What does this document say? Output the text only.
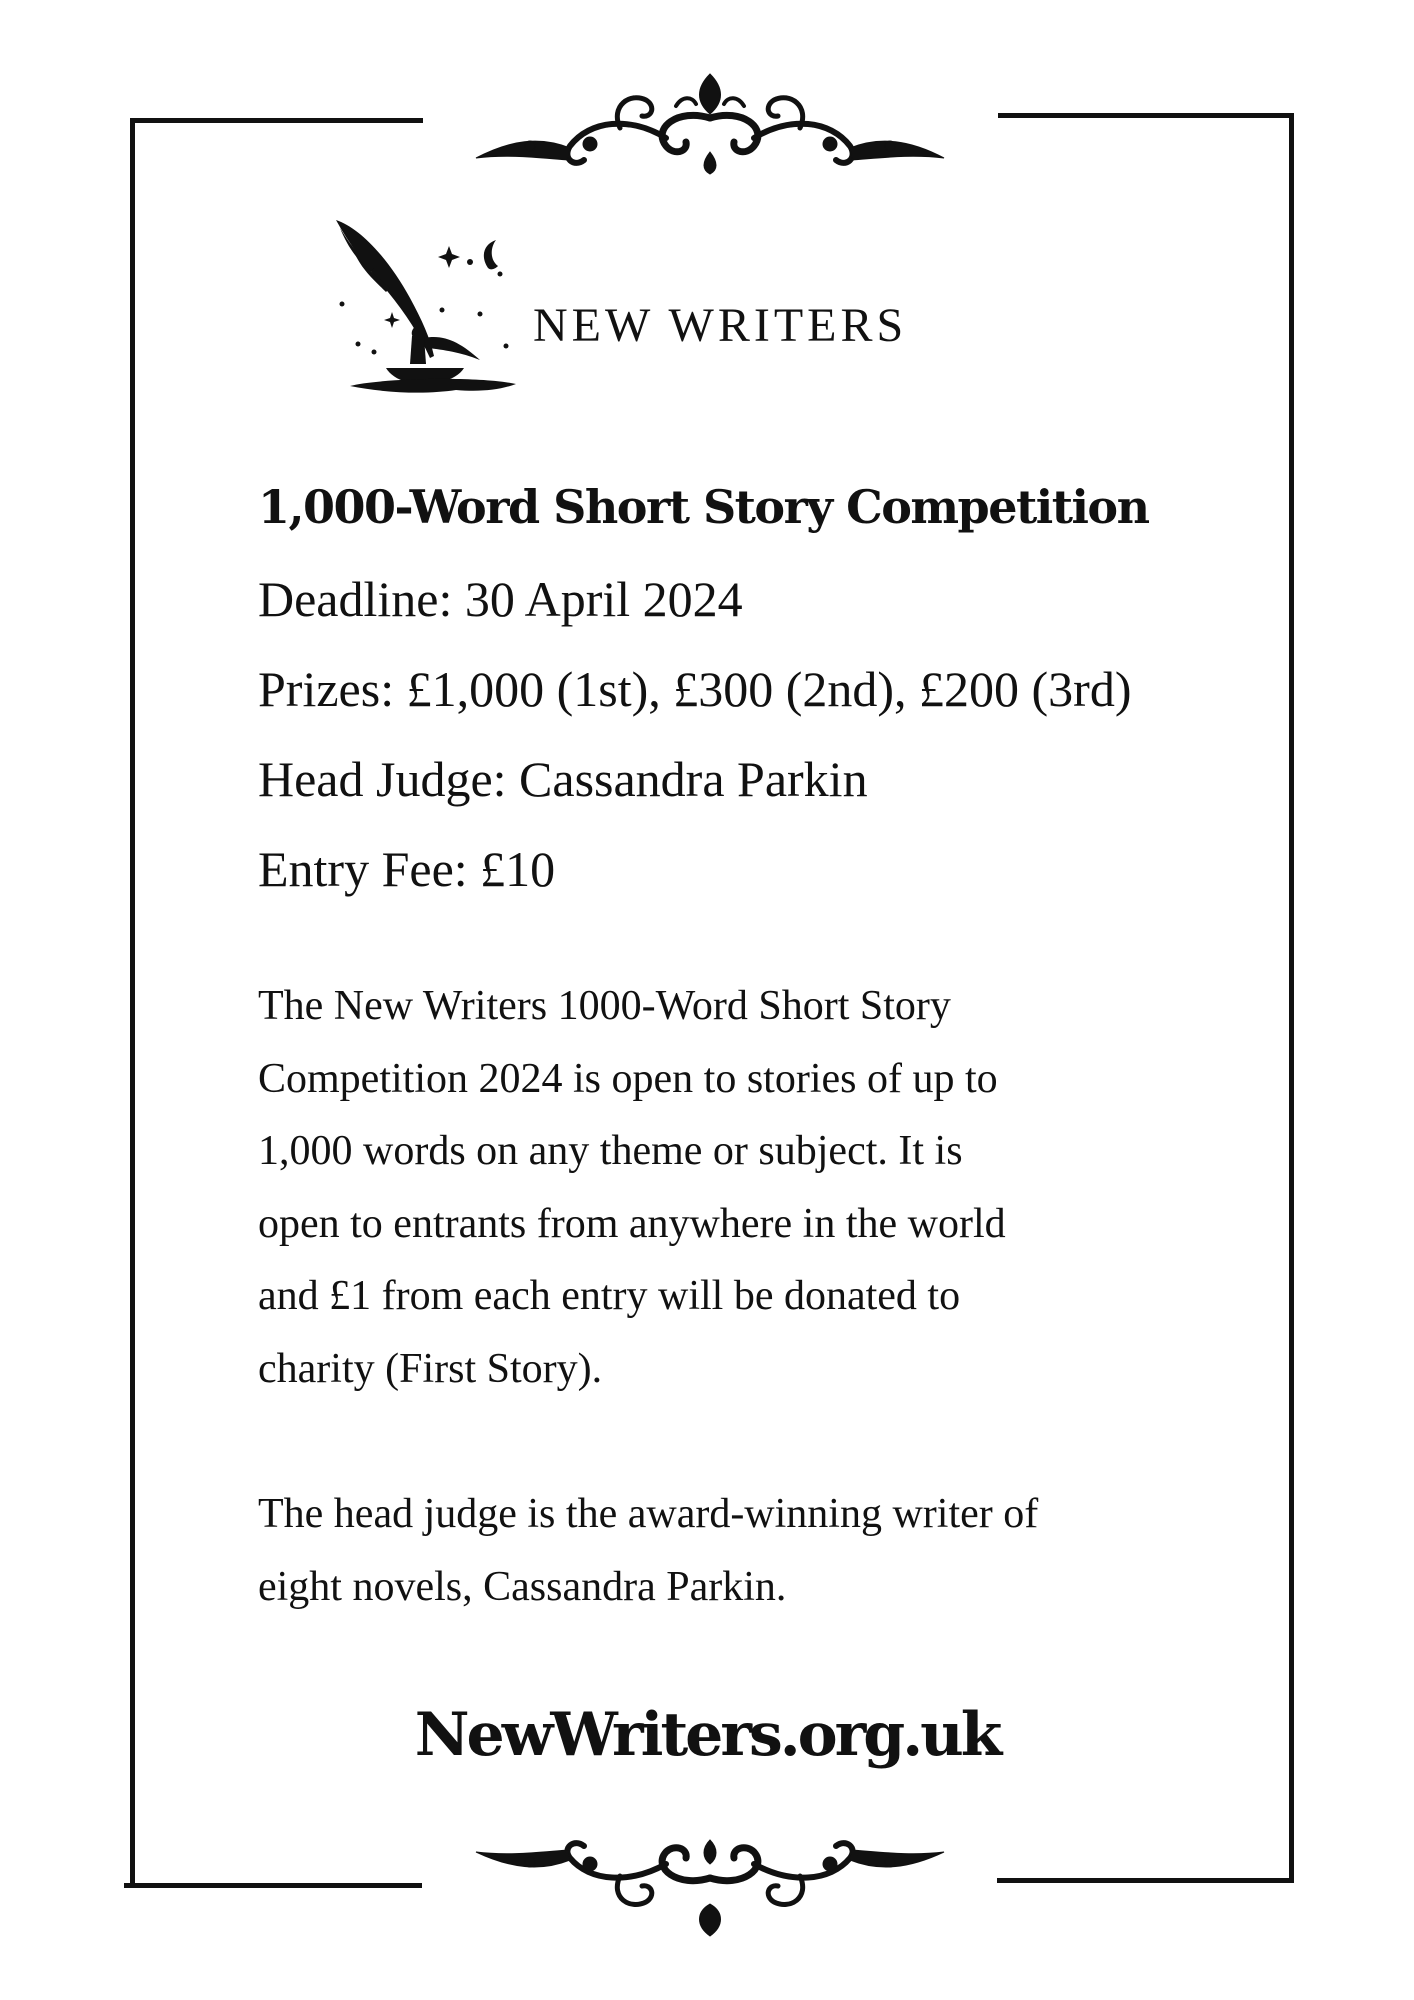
NEW WRITERS
1,000-Word Short Story Competition
Deadline: 30 April 2024
Prizes: £1,000 (1st), £300 (2nd), £200 (3rd)
Head Judge: Cassandra Parkin
Entry Fee: £10
The New Writers 1000-Word Short Story
Competition 2024 is open to stories of up to
1,000 words on any theme or subject. It is
open to entrants from anywhere in the world
and £1 from each entry will be donated to
charity (First Story).
The head judge is the award-winning writer of
eight novels, Cassandra Parkin.
NewWriters.org.uk
